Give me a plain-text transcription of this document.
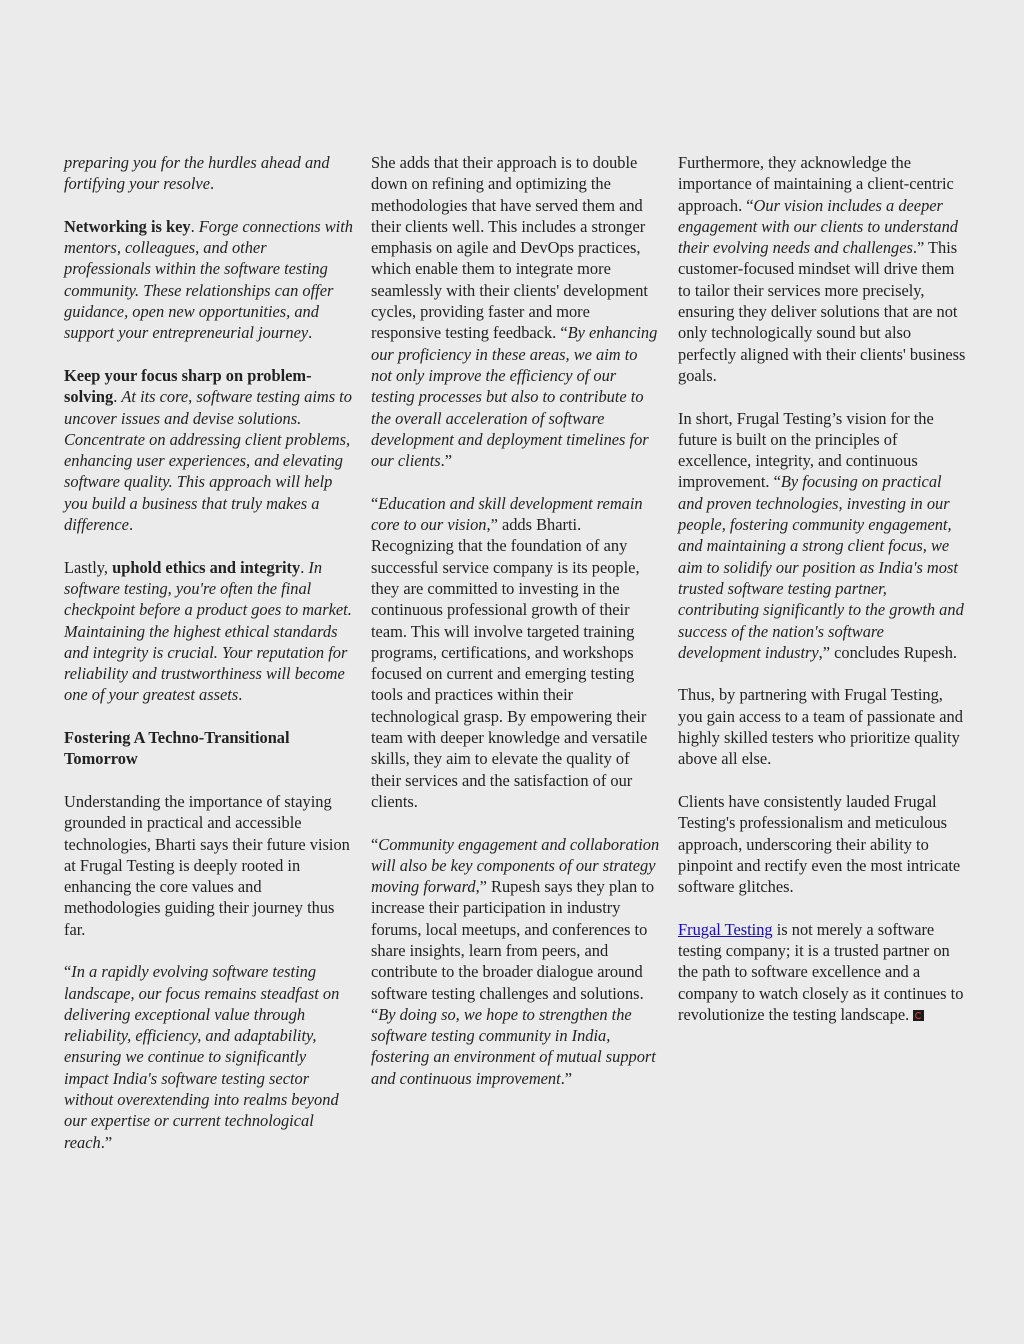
preparing you for the hurdles ahead and fortifying your resolve.

Networking is key. Forge connections with mentors, colleagues, and other professionals within the software testing community. These relationships can offer guidance, open new opportunities, and support your entrepreneurial journey.

Keep your focus sharp on problem-solving. At its core, software testing aims to uncover issues and devise solutions. Concentrate on addressing client problems, enhancing user experiences, and elevating software quality. This approach will help you build a business that truly makes a difference.

Lastly, uphold ethics and integrity. In software testing, you're often the final checkpoint before a product goes to market. Maintaining the highest ethical standards and integrity is crucial. Your reputation for reliability and trustworthiness will become one of your greatest assets.

Fostering A Techno-Transitional Tomorrow

Understanding the importance of staying grounded in practical and accessible technologies, Bharti says their future vision at Frugal Testing is deeply rooted in enhancing the core values and methodologies guiding their journey thus far.

“In a rapidly evolving software testing landscape, our focus remains steadfast on delivering exceptional value through reliability, efficiency, and adaptability, ensuring we continue to significantly impact India's software testing sector without overextending into realms beyond our expertise or current technological reach.”

She adds that their approach is to double down on refining and optimizing the methodologies that have served them and their clients well. This includes a stronger emphasis on agile and DevOps practices, which enable them to integrate more seamlessly with their clients' development cycles, providing faster and more responsive testing feedback. “By enhancing our proficiency in these areas, we aim to not only improve the efficiency of our testing processes but also to contribute to the overall acceleration of software development and deployment timelines for our clients.”

“Education and skill development remain core to our vision,” adds Bharti. Recognizing that the foundation of any successful service company is its people, they are committed to investing in the continuous professional growth of their team. This will involve targeted training programs, certifications, and workshops focused on current and emerging testing tools and practices within their technological grasp. By empowering their team with deeper knowledge and versatile skills, they aim to elevate the quality of their services and the satisfaction of our clients.

“Community engagement and collaboration will also be key components of our strategy moving forward,” Rupesh says they plan to increase their participation in industry forums, local meetups, and conferences to share insights, learn from peers, and contribute to the broader dialogue around software testing challenges and solutions. “By doing so, we hope to strengthen the software testing community in India, fostering an environment of mutual support and continuous improvement.”

Furthermore, they acknowledge the importance of maintaining a client-centric approach. “Our vision includes a deeper engagement with our clients to understand their evolving needs and challenges.” This customer-focused mindset will drive them to tailor their services more precisely, ensuring they deliver solutions that are not only technologically sound but also perfectly aligned with their clients' business goals.

In short, Frugal Testing’s vision for the future is built on the principles of excellence, integrity, and continuous improvement. “By focusing on practical and proven technologies, investing in our people, fostering community engagement, and maintaining a strong client focus, we aim to solidify our position as India's most trusted software testing partner, contributing significantly to the growth and success of the nation's software development industry,” concludes Rupesh.

Thus, by partnering with Frugal Testing, you gain access to a team of passionate and highly skilled testers who prioritize quality above all else.

Clients have consistently lauded Frugal Testing's professionalism and meticulous approach, underscoring their ability to pinpoint and rectify even the most intricate software glitches.

Frugal Testing is not merely a software testing company; it is a trusted partner on the path to software excellence and a company to watch closely as it continues to revolutionize the testing landscape.
